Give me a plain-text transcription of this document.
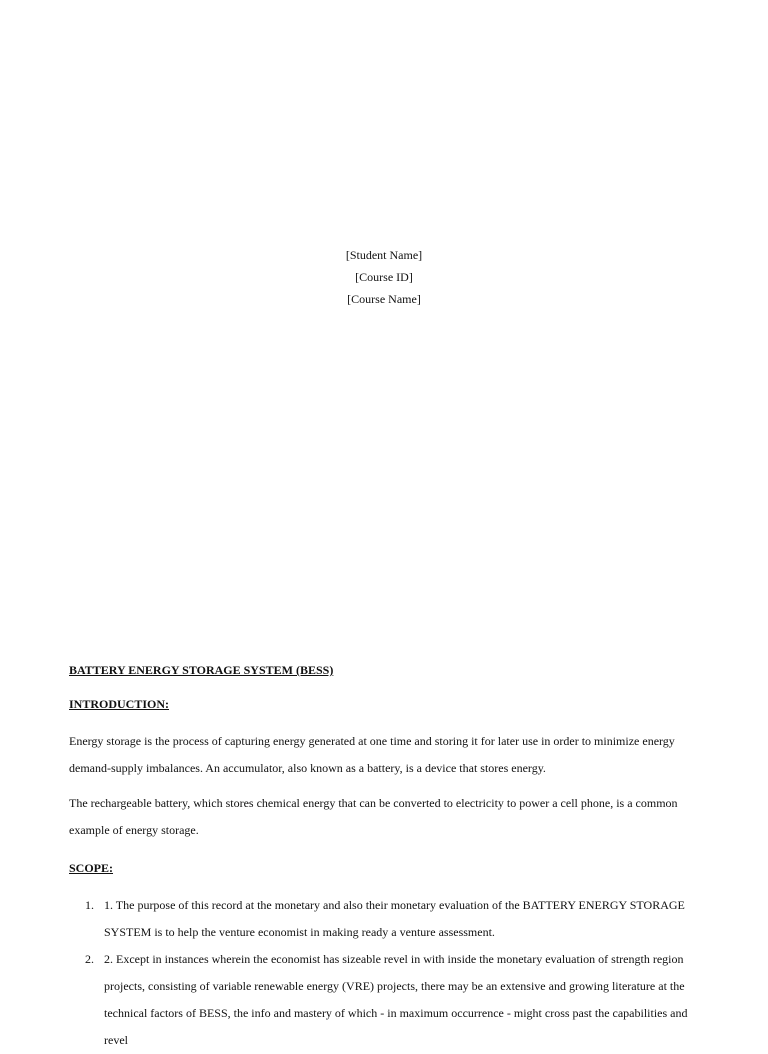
[Student Name]
[Course ID]
[Course Name]
BATTERY ENERGY STORAGE SYSTEM (BESS)
INTRODUCTION:

Energy storage is the process of capturing energy generated at one time and storing it for later use in order to minimize energy demand-supply imbalances. An accumulator, also known as a battery, is a device that stores energy.

The rechargeable battery, which stores chemical energy that can be converted to electricity to power a cell phone, is a common example of energy storage.

SCOPE:
1. 1. The purpose of this record at the monetary and also their monetary evaluation of the BATTERY ENERGY STORAGE SYSTEM is to help the venture economist in making ready a venture assessment.
2. 2. Except in instances wherein the economist has sizeable revel in with inside the monetary evaluation of strength region projects, consisting of variable renewable energy (VRE) projects, there may be an extensive and growing literature at the technical factors of BESS, the info and mastery of which - in maximum occurrence - might cross past the capabilities and revel
